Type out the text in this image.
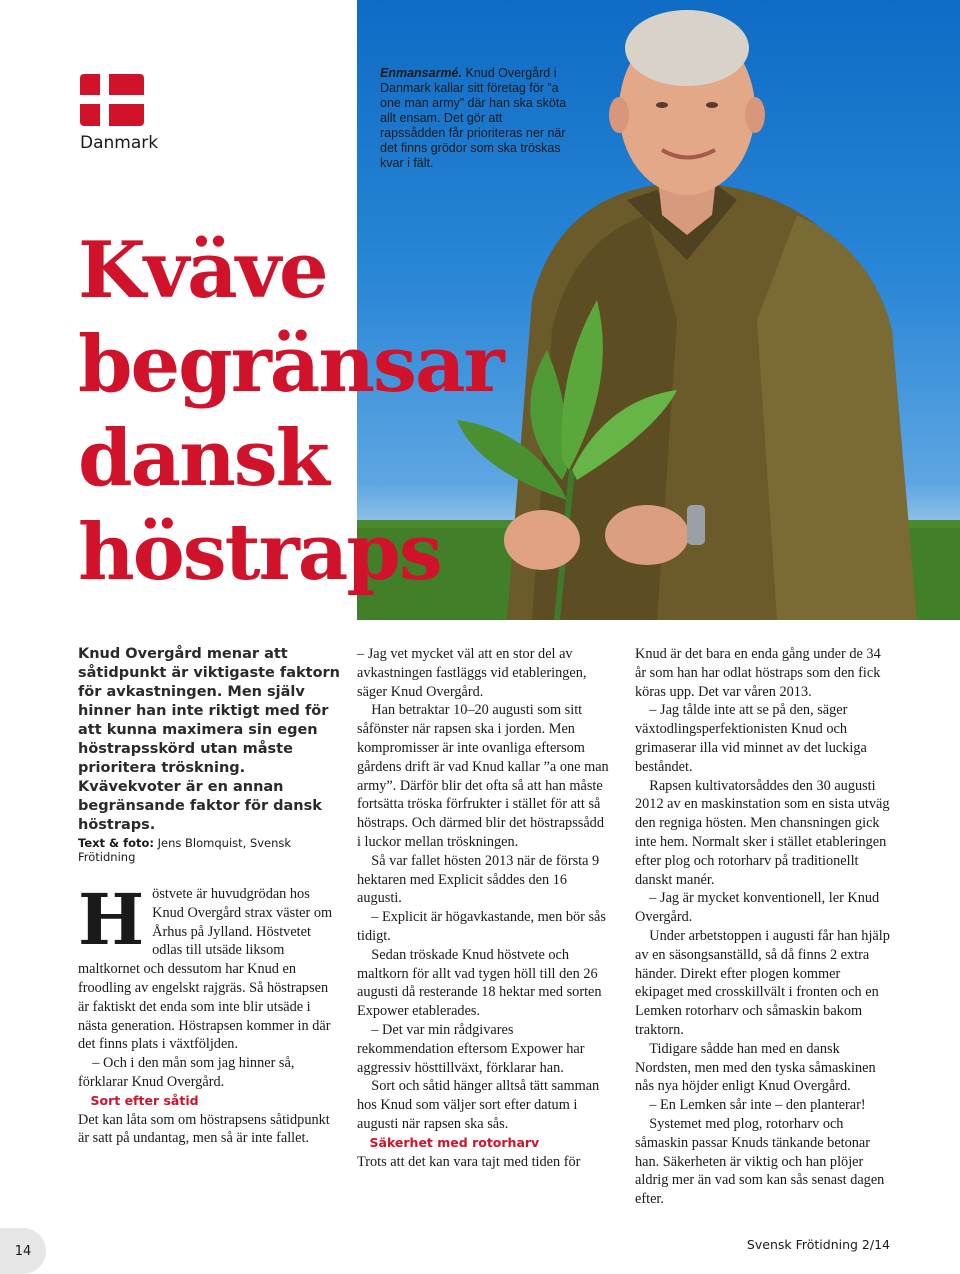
Enmansarmé. Knud Overgård i Danmark kallar sitt företag för ”a one man army” där han ska sköta allt ensam. Det gör att rapssådden får prioriteras ner när det finns grödor som ska tröskas kvar i fält.
Danmark
Kväve
begränsar
dansk
höstraps
Knud Overgård menar att såtidpunkt är viktigaste faktorn för avkastningen. Men själv hinner han inte riktigt med för att kunna maximera sin egen höstrapsskörd utan måste prioritera tröskning. Kvävekvoter är en annan begränsande faktor för dansk höstraps.
Text & foto: Jens Blomquist, Svensk Frötidning

Höstvete är huvudgrödan hos Knud Overgård strax väster om Århus på Jylland. Höstvetet odlas till utsäde liksom maltkornet och dessutom har Knud en froodling av engelskt rajgräs. Så höstrapsen är faktiskt det enda som inte blir utsäde i nästa generation. Höstrapsen kommer in där det finns plats i växtföljden.

– Och i den mån som jag hinner så, förklarar Knud Overgård.

Sort efter såtid

Det kan låta som om höstrapsens såtidpunkt är satt på undantag, men så är inte fallet.

– Jag vet mycket väl att en stor del av avkastningen fastläggs vid etableringen, säger Knud Overgård.

Han betraktar 10–20 augusti som sitt såfönster när rapsen ska i jorden. Men kompromisser är inte ovanliga eftersom gårdens drift är vad Knud kallar ”a one man army”. Därför blir det ofta så att han måste fortsätta tröska förfrukter i stället för att så höstraps. Och därmed blir det höstrapssådd i luckor mellan tröskningen.

Så var fallet hösten 2013 när de första 9 hektaren med Explicit såddes den 16 augusti.

– Explicit är högavkastande, men bör sås tidigt.

Sedan tröskade Knud höstvete och maltkorn för allt vad tygen höll till den 26 augusti då resterande 18 hektar med sorten Expower etablerades.

– Det var min rådgivares rekommendation eftersom Expower har aggressiv hösttillväxt, förklarar han.

Sort och såtid hänger alltså tätt samman hos Knud som väljer sort efter datum i augusti när rapsen ska sås.

Säkerhet med rotorharv

Trots att det kan vara tajt med tiden för

Knud är det bara en enda gång under de 34 år som han har odlat höstraps som den fick köras upp. Det var våren 2013.

– Jag tålde inte att se på den, säger växtodlingsperfektionisten Knud och grimaserar illa vid minnet av det luckiga beståndet.

Rapsen kultivatorsåddes den 30 augusti 2012 av en maskinstation som en sista utväg den regniga hösten. Men chansningen gick inte hem. Normalt sker i stället etableringen efter plog och rotorharv på traditionellt danskt manér.

– Jag är mycket konventionell, ler Knud Overgård.

Under arbetstoppen i augusti får han hjälp av en säsongsanställd, så då finns 2 extra händer. Direkt efter plogen kommer ekipaget med crosskillvält i fronten och en Lemken rotorharv och såmaskin bakom traktorn.

Tidigare sådde han med en dansk Nordsten, men med den tyska såmaskinen nås nya höjder enligt Knud Overgård.

– En Lemken sår inte – den planterar!

Systemet med plog, rotorharv och såmaskin passar Knuds tänkande betonar han. Säkerheten är viktig och han plöjer aldrig mer än vad som kan sås senast dagen efter.

14	Svensk Frötidning 2/14
